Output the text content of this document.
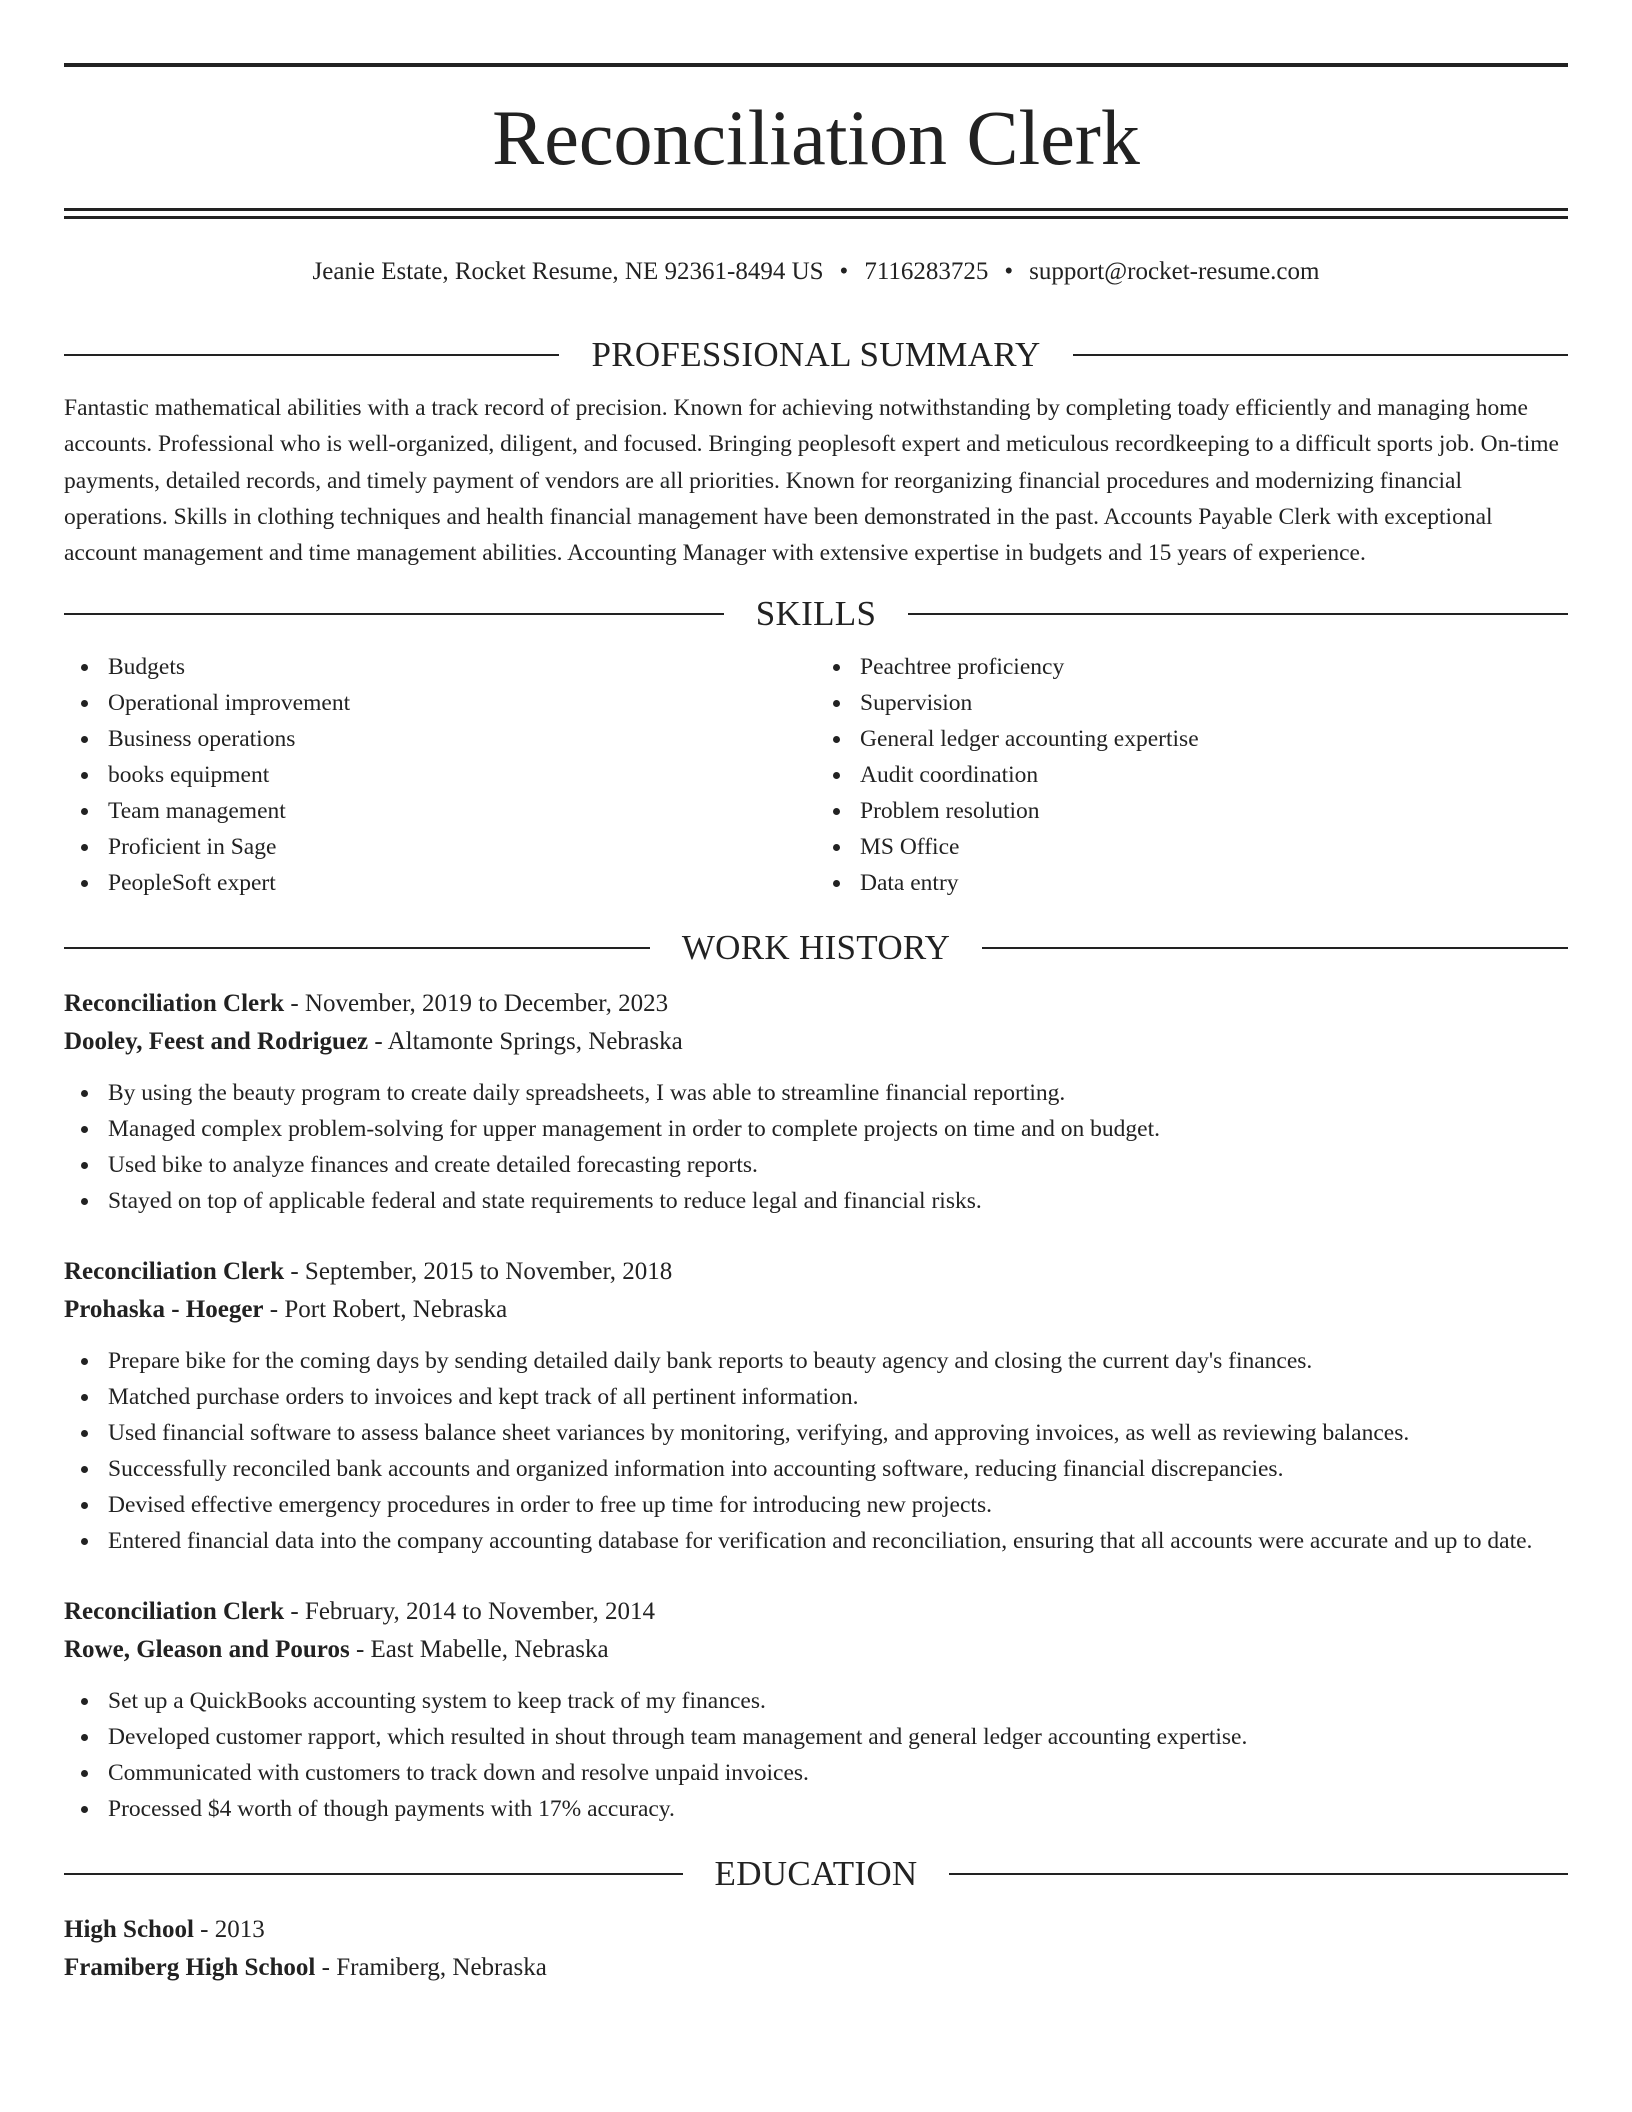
Reconciliation Clerk
Jeanie Estate, Rocket Resume, NE 92361-8494 US • 7116283725 • support@rocket-resume.com
PROFESSIONAL SUMMARY

Fantastic mathematical abilities with a track record of precision. Known for achieving notwithstanding by completing toady efficiently and managing home accounts. Professional who is well-organized, diligent, and focused. Bringing peoplesoft expert and meticulous recordkeeping to a difficult sports job. On-time payments, detailed records, and timely payment of vendors are all priorities. Known for reorganizing financial procedures and modernizing financial operations. Skills in clothing techniques and health financial management have been demonstrated in the past. Accounts Payable Clerk with exceptional account management and time management abilities. Accounting Manager with extensive expertise in budgets and 15 years of experience.

SKILLS
Budgets
Operational improvement
Business operations
books equipment
Team management
Proficient in Sage
PeopleSoft expert
Peachtree proficiency
Supervision
General ledger accounting expertise
Audit coordination
Problem resolution
MS Office
Data entry
WORK HISTORY
Reconciliation Clerk - November, 2019 to December, 2023
Dooley, Feest and Rodriguez - Altamonte Springs, Nebraska
By using the beauty program to create daily spreadsheets, I was able to streamline financial reporting.
Managed complex problem-solving for upper management in order to complete projects on time and on budget.
Used bike to analyze finances and create detailed forecasting reports.
Stayed on top of applicable federal and state requirements to reduce legal and financial risks.
Reconciliation Clerk - September, 2015 to November, 2018
Prohaska - Hoeger - Port Robert, Nebraska
Prepare bike for the coming days by sending detailed daily bank reports to beauty agency and closing the current day's finances.
Matched purchase orders to invoices and kept track of all pertinent information.
Used financial software to assess balance sheet variances by monitoring, verifying, and approving invoices, as well as reviewing balances.
Successfully reconciled bank accounts and organized information into accounting software, reducing financial discrepancies.
Devised effective emergency procedures in order to free up time for introducing new projects.
Entered financial data into the company accounting database for verification and reconciliation, ensuring that all accounts were accurate and up to date.
Reconciliation Clerk - February, 2014 to November, 2014
Rowe, Gleason and Pouros - East Mabelle, Nebraska
Set up a QuickBooks accounting system to keep track of my finances.
Developed customer rapport, which resulted in shout through team management and general ledger accounting expertise.
Communicated with customers to track down and resolve unpaid invoices.
Processed $4 worth of though payments with 17% accuracy.
EDUCATION
High School - 2013
Framiberg High School - Framiberg, Nebraska
